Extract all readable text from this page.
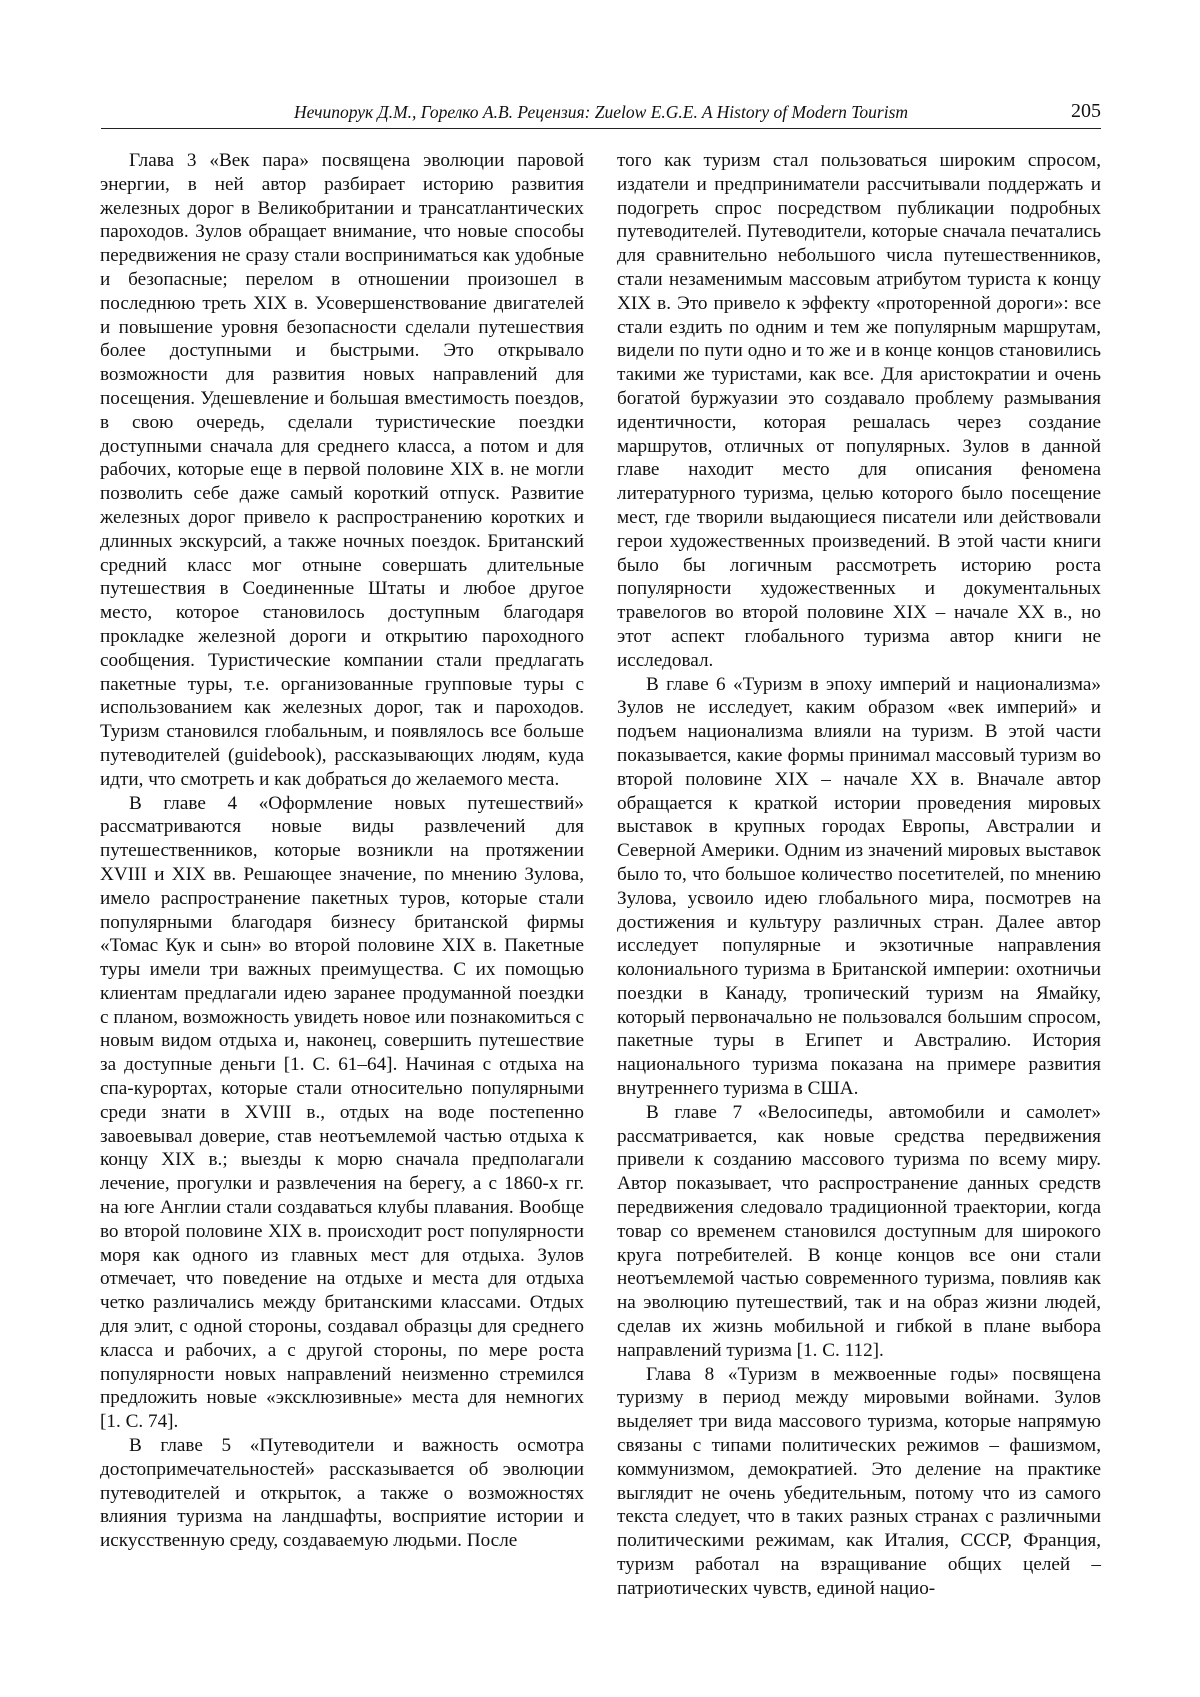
Нечипорук Д.М., Горелко А.В. Рецензия: Zuelow E.G.E. A History of Modern Tourism	205

Глава 3 «Век пара» посвящена эволюции паровой энергии, в ней автор разбирает историю развития железных дорог в Великобритании и трансатлантических пароходов. Зулов обращает внимание, что новые способы передвижения не сразу стали восприниматься как удобные и безопасные; перелом в отношении произошел в последнюю треть XIX в. Усовершенствование двигателей и повышение уровня безопасности сделали путешествия более доступными и быстрыми. Это открывало возможности для развития новых направлений для посещения. Удешевление и большая вместимость поездов, в свою очередь, сделали туристические поездки доступными сначала для среднего класса, а потом и для рабочих, которые еще в первой половине XIX в. не могли позволить себе даже самый короткий отпуск. Развитие железных дорог привело к распространению коротких и длинных экскурсий, а также ночных поездок. Британский средний класс мог отныне совершать длительные путешествия в Соединенные Штаты и любое другое место, которое становилось доступным благодаря прокладке железной дороги и открытию пароходного сообщения. Туристические компании стали предлагать пакетные туры, т.е. организованные групповые туры с использованием как железных дорог, так и пароходов. Туризм становился глобальным, и появлялось все больше путеводителей (guidebook), рассказывающих людям, куда идти, что смотреть и как добраться до желаемого места.

В главе 4 «Оформление новых путешествий» рассматриваются новые виды развлечений для путешественников, которые возникли на протяжении XVIII и XIX вв. Решающее значение, по мнению Зулова, имело распространение пакетных туров, которые стали популярными благодаря бизнесу британской фирмы «Томас Кук и сын» во второй половине XIX в. Пакетные туры имели три важных преимущества. С их помощью клиентам предлагали идею заранее продуманной поездки с планом, возможность увидеть новое или познакомиться с новым видом отдыха и, наконец, совершить путешествие за доступные деньги [1. С. 61–64]. Начиная с отдыха на спа-курортах, которые стали относительно популярными среди знати в XVIII в., отдых на воде постепенно завоевывал доверие, став неотъемлемой частью отдыха к концу XIX в.; выезды к морю сначала предполагали лечение, прогулки и развлечения на берегу, а с 1860-х гг. на юге Англии стали создаваться клубы плавания. Вообще во второй половине XIX в. происходит рост популярности моря как одного из главных мест для отдыха. Зулов отмечает, что поведение на отдыхе и места для отдыха четко различались между британскими классами. Отдых для элит, с одной стороны, создавал образцы для среднего класса и рабочих, а с другой стороны, по мере роста популярности новых направлений неизменно стремился предложить новые «эксклюзивные» места для немногих [1. С. 74].

В главе 5 «Путеводители и важность осмотра достопримечательностей» рассказывается об эволюции путеводителей и открыток, а также о возможностях влияния туризма на ландшафты, восприятие истории и искусственную среду, создаваемую людьми. После

того как туризм стал пользоваться широким спросом, издатели и предприниматели рассчитывали поддержать и подогреть спрос посредством публикации подробных путеводителей. Путеводители, которые сначала печатались для сравнительно небольшого числа путешественников, стали незаменимым массовым атрибутом туриста к концу XIX в. Это привело к эффекту «проторенной дороги»: все стали ездить по одним и тем же популярным маршрутам, видели по пути одно и то же и в конце концов становились такими же туристами, как все. Для аристократии и очень богатой буржуазии это создавало проблему размывания идентичности, которая решалась через создание маршрутов, отличных от популярных. Зулов в данной главе находит место для описания феномена литературного туризма, целью которого было посещение мест, где творили выдающиеся писатели или действовали герои художественных произведений. В этой части книги было бы логичным рассмотреть историю роста популярности художественных и документальных травелогов во второй половине XIX – начале XX в., но этот аспект глобального туризма автор книги не исследовал.

В главе 6 «Туризм в эпоху империй и национализма» Зулов не исследует, каким образом «век империй» и подъем национализма влияли на туризм. В этой части показывается, какие формы принимал массовый туризм во второй половине XIX – начале XX в. Вначале автор обращается к краткой истории проведения мировых выставок в крупных городах Европы, Австралии и Северной Америки. Одним из значений мировых выставок было то, что большое количество посетителей, по мнению Зулова, усвоило идею глобального мира, посмотрев на достижения и культуру различных стран. Далее автор исследует популярные и экзотичные направления колониального туризма в Британской империи: охотничьи поездки в Канаду, тропический туризм на Ямайку, который первоначально не пользовался большим спросом, пакетные туры в Египет и Австралию. История национального туризма показана на примере развития внутреннего туризма в США.

В главе 7 «Велосипеды, автомобили и самолет» рассматривается, как новые средства передвижения привели к созданию массового туризма по всему миру. Автор показывает, что распространение данных средств передвижения следовало традиционной траектории, когда товар со временем становился доступным для широкого круга потребителей. В конце концов все они стали неотъемлемой частью современного туризма, повлияв как на эволюцию путешествий, так и на образ жизни людей, сделав их жизнь мобильной и гибкой в плане выбора направлений туризма [1. С. 112].

Глава 8 «Туризм в межвоенные годы» посвящена туризму в период между мировыми войнами. Зулов выделяет три вида массового туризма, которые напрямую связаны с типами политических режимов – фашизмом, коммунизмом, демократией. Это деление на практике выглядит не очень убедительным, потому что из самого текста следует, что в таких разных странах с различными политическими режимам, как Италия, СССР, Франция, туризм работал на взращивание общих целей – патриотических чувств, единой нацио-
